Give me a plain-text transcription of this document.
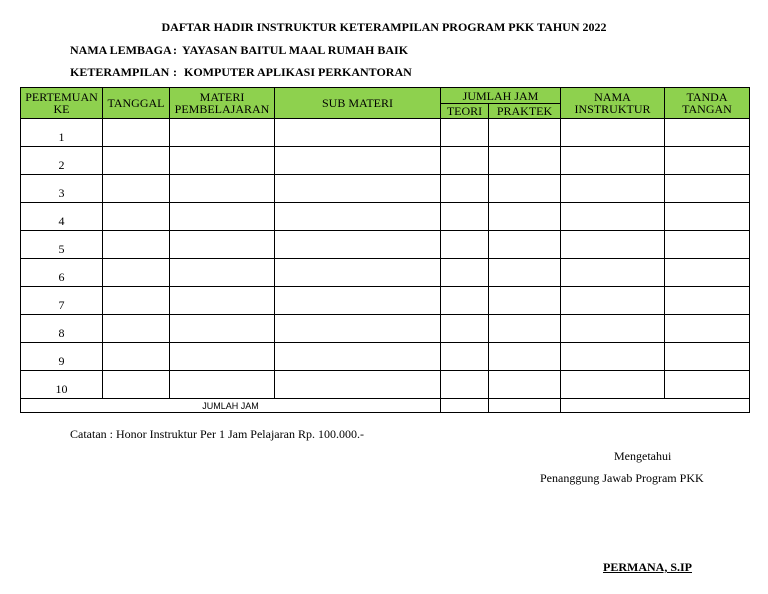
DAFTAR HADIR INSTRUKTUR KETERAMPILAN PROGRAM PKK TAHUN 2022
NAMA LEMBAGA : YAYASAN BAITUL MAAL RUMAH BAIK
KETERAMPILAN : KOMPUTER APLIKASI PERKANTORAN
PERTEMUAN KE	TANGGAL	MATERI PEMBELAJARAN	SUB MATERI	JUMLAH JAM		NAMA INSTRUKTUR	TANDA TANGAN
				TEORI	PRAKTEK		
1							
2							
3							
4							
5							
6							
7							
8							
9							
10							
JUMLAH JAM							
Catatan : Honor Instruktur Per 1 Jam Pelajaran Rp. 100.000.-
Mengetahui
Penanggung Jawab Program PKK
PERMANA, S.IP
